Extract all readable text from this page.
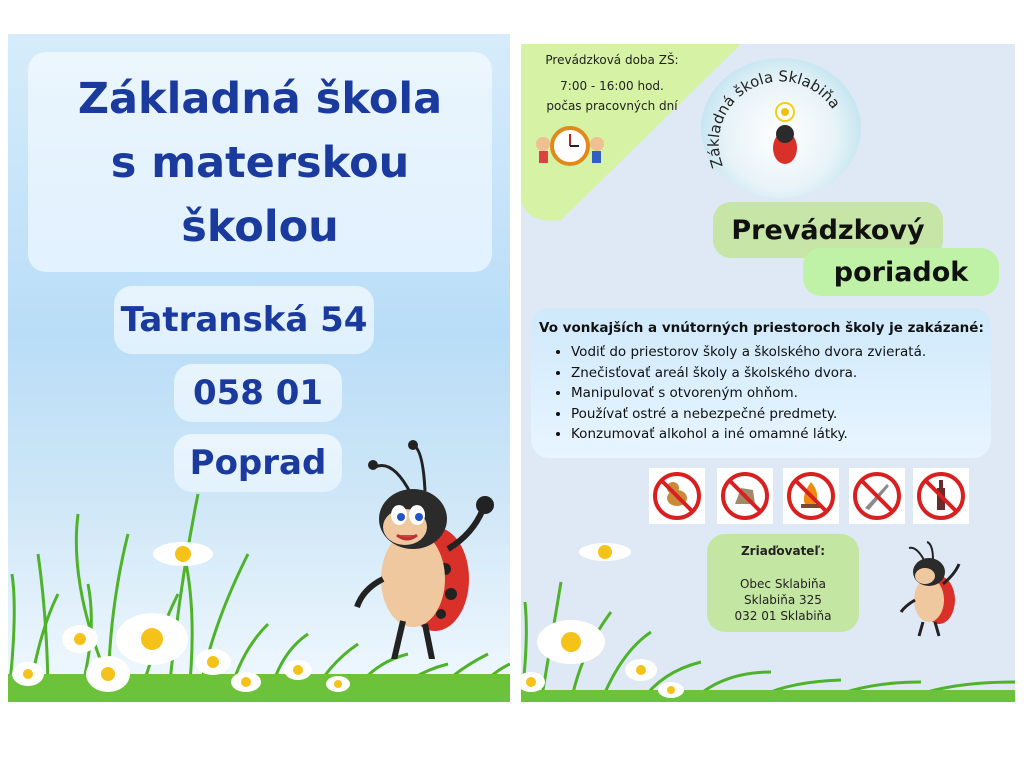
Základná škola
s materskou
školou
Tatranská 54
058 01
Poprad
Prevádzková doba ZŠ:
7:00 - 16:00 hod.
počas pracovných dní
Základná škola Sklabiňa
Prevádzkový
poriadok
Vo vonkajších a vnútorných priestoroch školy je zakázané:
• Vodiť do priestorov školy a školského dvora zvieratá.
• Znečisťovať areál školy a školského dvora.
• Manipulovať s otvoreným ohňom.
• Používať ostré a nebezpečné predmety.
• Konzumovať alkohol a iné omamné látky.
Zriaďovateľ:
Obec Sklabiňa
Sklabiňa 325
032 01 Sklabiňa
